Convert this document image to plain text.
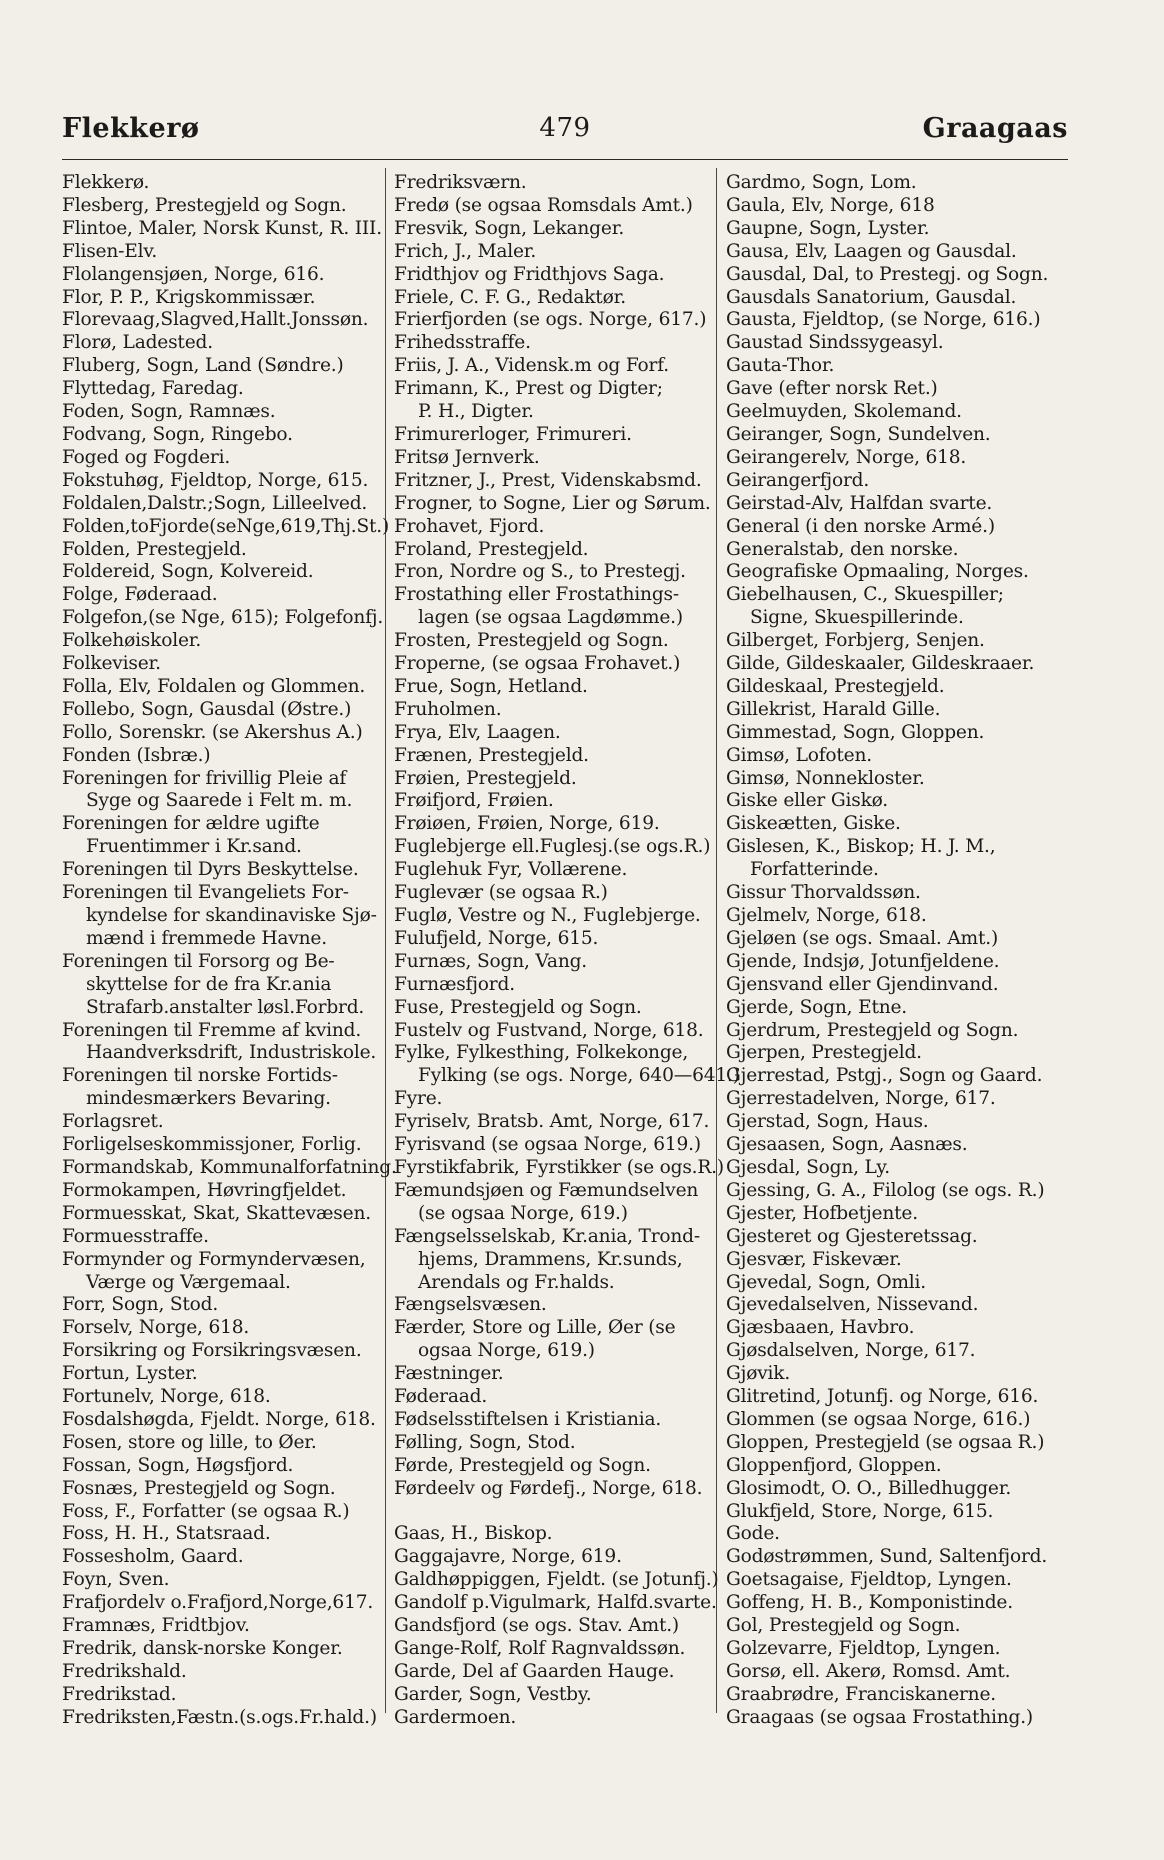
Flekkerø	479	Graagaas
Flekkerø.
Flesberg, Prestegjeld og Sogn.
Flintoe, Maler, Norsk Kunst, R. III.
Flisen-Elv.
Flolangensjøen, Norge, 616.
Flor, P. P., Krigskommissær.
Florevaag,Slagved,Hallt.Jonssøn.
Florø, Ladested.
Fluberg, Sogn, Land (Søndre.)
Flyttedag, Faredag.
Foden, Sogn, Ramnæs.
Fodvang, Sogn, Ringebo.
Foged og Fogderi.
Fokstuhøg, Fjeldtop, Norge, 615.
Foldalen,Dalstr.;Sogn, Lilleelved.
Folden,toFjorde(seNge,619,Thj.St.)
Folden, Prestegjeld.
Foldereid, Sogn, Kolvereid.
Folge, Føderaad.
Folgefon,(se Nge, 615); Folgefonfj.
Folkehøiskoler.
Folkeviser.
Folla, Elv, Foldalen og Glommen.
Follebo, Sogn, Gausdal (Østre.)
Follo, Sorenskr. (se Akershus A.)
Fonden (Isbræ.)
Foreningen for frivillig Pleie af
Syge og Saarede i Felt m. m.
Foreningen for ældre ugifte
Fruentimmer i Kr.sand.
Foreningen til Dyrs Beskyttelse.
Foreningen til Evangeliets For-
kyndelse for skandinaviske Sjø-
mænd i fremmede Havne.
Foreningen til Forsorg og Be-
skyttelse for de fra Kr.ania
Strafarb.anstalter løsl.Forbrd.
Foreningen til Fremme af kvind.
Haandverksdrift, Industriskole.
Foreningen til norske Fortids-
mindesmærkers Bevaring.
Forlagsret.
Forligelseskommissjoner, Forlig.
Formandskab, Kommunalforfatning.
Formokampen, Høvringfjeldet.
Formuesskat, Skat, Skattevæsen.
Formuesstraffe.
Formynder og Formyndervæsen,
Værge og Værgemaal.
Forr, Sogn, Stod.
Forselv, Norge, 618.
Forsikring og Forsikringsvæsen.
Fortun, Lyster.
Fortunelv, Norge, 618.
Fosdalshøgda, Fjeldt. Norge, 618.
Fosen, store og lille, to Øer.
Fossan, Sogn, Høgsfjord.
Fosnæs, Prestegjeld og Sogn.
Foss, F., Forfatter (se ogsaa R.)
Foss, H. H., Statsraad.
Fossesholm, Gaard.
Foyn, Sven.
Frafjordelv o.Frafjord,Norge,617.
Framnæs, Fridtbjov.
Fredrik, dansk-norske Konger.
Fredrikshald.
Fredrikstad.
Fredriksten,Fæstn.(s.ogs.Fr.hald.)
Fredriksværn.
Fredø (se ogsaa Romsdals Amt.)
Fresvik, Sogn, Lekanger.
Frich, J., Maler.
Fridthjov og Fridthjovs Saga.
Friele, C. F. G., Redaktør.
Frierfjorden (se ogs. Norge, 617.)
Frihedsstraffe.
Friis, J. A., Vidensk.m og Forf.
Frimann, K., Prest og Digter;
P. H., Digter.
Frimurerloger, Frimureri.
Fritsø Jernverk.
Fritzner, J., Prest, Videnskabsmd.
Frogner, to Sogne, Lier og Sørum.
Frohavet, Fjord.
Froland, Prestegjeld.
Fron, Nordre og S., to Prestegj.
Frostathing eller Frostathings-
lagen (se ogsaa Lagdømme.)
Frosten, Prestegjeld og Sogn.
Froperne, (se ogsaa Frohavet.)
Frue, Sogn, Hetland.
Fruholmen.
Frya, Elv, Laagen.
Frænen, Prestegjeld.
Frøien, Prestegjeld.
Frøifjord, Frøien.
Frøiøen, Frøien, Norge, 619.
Fuglebjerge ell.Fuglesj.(se ogs.R.)
Fuglehuk Fyr, Vollærene.
Fuglevær (se ogsaa R.)
Fuglø, Vestre og N., Fuglebjerge.
Fulufjeld, Norge, 615.
Furnæs, Sogn, Vang.
Furnæsfjord.
Fuse, Prestegjeld og Sogn.
Fustelv og Fustvand, Norge, 618.
Fylke, Fylkesthing, Folkekonge,
Fylking (se ogs. Norge, 640—641.)
Fyre.
Fyriselv, Bratsb. Amt, Norge, 617.
Fyrisvand (se ogsaa Norge, 619.)
Fyrstikfabrik, Fyrstikker (se ogs.R.)
Fæmundsjøen og Fæmundselven
(se ogsaa Norge, 619.)
Fængselsselskab, Kr.ania, Trond-
hjems, Drammens, Kr.sunds,
Arendals og Fr.halds.
Fængselsvæsen.
Færder, Store og Lille, Øer (se
ogsaa Norge, 619.)
Fæstninger.
Føderaad.
Fødselsstiftelsen i Kristiania.
Følling, Sogn, Stod.
Førde, Prestegjeld og Sogn.
Førdeelv og Førdefj., Norge, 618.
Gaas, H., Biskop.
Gaggajavre, Norge, 619.
Galdhøppiggen, Fjeldt. (se Jotunfj.)
Gandolf p.Vigulmark, Halfd.svarte.
Gandsfjord (se ogs. Stav. Amt.)
Gange-Rolf, Rolf Ragnvaldssøn.
Garde, Del af Gaarden Hauge.
Garder, Sogn, Vestby.
Gardermoen.
Gardmo, Sogn, Lom.
Gaula, Elv, Norge, 618
Gaupne, Sogn, Lyster.
Gausa, Elv, Laagen og Gausdal.
Gausdal, Dal, to Prestegj. og Sogn.
Gausdals Sanatorium, Gausdal.
Gausta, Fjeldtop, (se Norge, 616.)
Gaustad Sindssygeasyl.
Gauta-Thor.
Gave (efter norsk Ret.)
Geelmuyden, Skolemand.
Geiranger, Sogn, Sundelven.
Geirangerelv, Norge, 618.
Geirangerfjord.
Geirstad-Alv, Halfdan svarte.
General (i den norske Armé.)
Generalstab, den norske.
Geografiske Opmaaling, Norges.
Giebelhausen, C., Skuespiller;
Signe, Skuespillerinde.
Gilberget, Forbjerg, Senjen.
Gilde, Gildeskaaler, Gildeskraaer.
Gildeskaal, Prestegjeld.
Gillekrist, Harald Gille.
Gimmestad, Sogn, Gloppen.
Gimsø, Lofoten.
Gimsø, Nonnekloster.
Giske eller Giskø.
Giskeætten, Giske.
Gislesen, K., Biskop; H. J. M.,
Forfatterinde.
Gissur Thorvaldssøn.
Gjelmelv, Norge, 618.
Gjeløen (se ogs. Smaal. Amt.)
Gjende, Indsjø, Jotunfjeldene.
Gjensvand eller Gjendinvand.
Gjerde, Sogn, Etne.
Gjerdrum, Prestegjeld og Sogn.
Gjerpen, Prestegjeld.
Gjerrestad, Pstgj., Sogn og Gaard.
Gjerrestadelven, Norge, 617.
Gjerstad, Sogn, Haus.
Gjesaasen, Sogn, Aasnæs.
Gjesdal, Sogn, Ly.
Gjessing, G. A., Filolog (se ogs. R.)
Gjester, Hofbetjente.
Gjesteret og Gjesteretssag.
Gjesvær, Fiskevær.
Gjevedal, Sogn, Omli.
Gjevedalselven, Nissevand.
Gjæsbaaen, Havbro.
Gjøsdalselven, Norge, 617.
Gjøvik.
Glitretind, Jotunfj. og Norge, 616.
Glommen (se ogsaa Norge, 616.)
Gloppen, Prestegjeld (se ogsaa R.)
Gloppenfjord, Gloppen.
Glosimodt, O. O., Billedhugger.
Glukfjeld, Store, Norge, 615.
Gode.
Godøstrømmen, Sund, Saltenfjord.
Goetsagaise, Fjeldtop, Lyngen.
Goffeng, H. B., Komponistinde.
Gol, Prestegjeld og Sogn.
Golzevarre, Fjeldtop, Lyngen.
Gorsø, ell. Akerø, Romsd. Amt.
Graabrødre, Franciskanerne.
Graagaas (se ogsaa Frostathing.)
